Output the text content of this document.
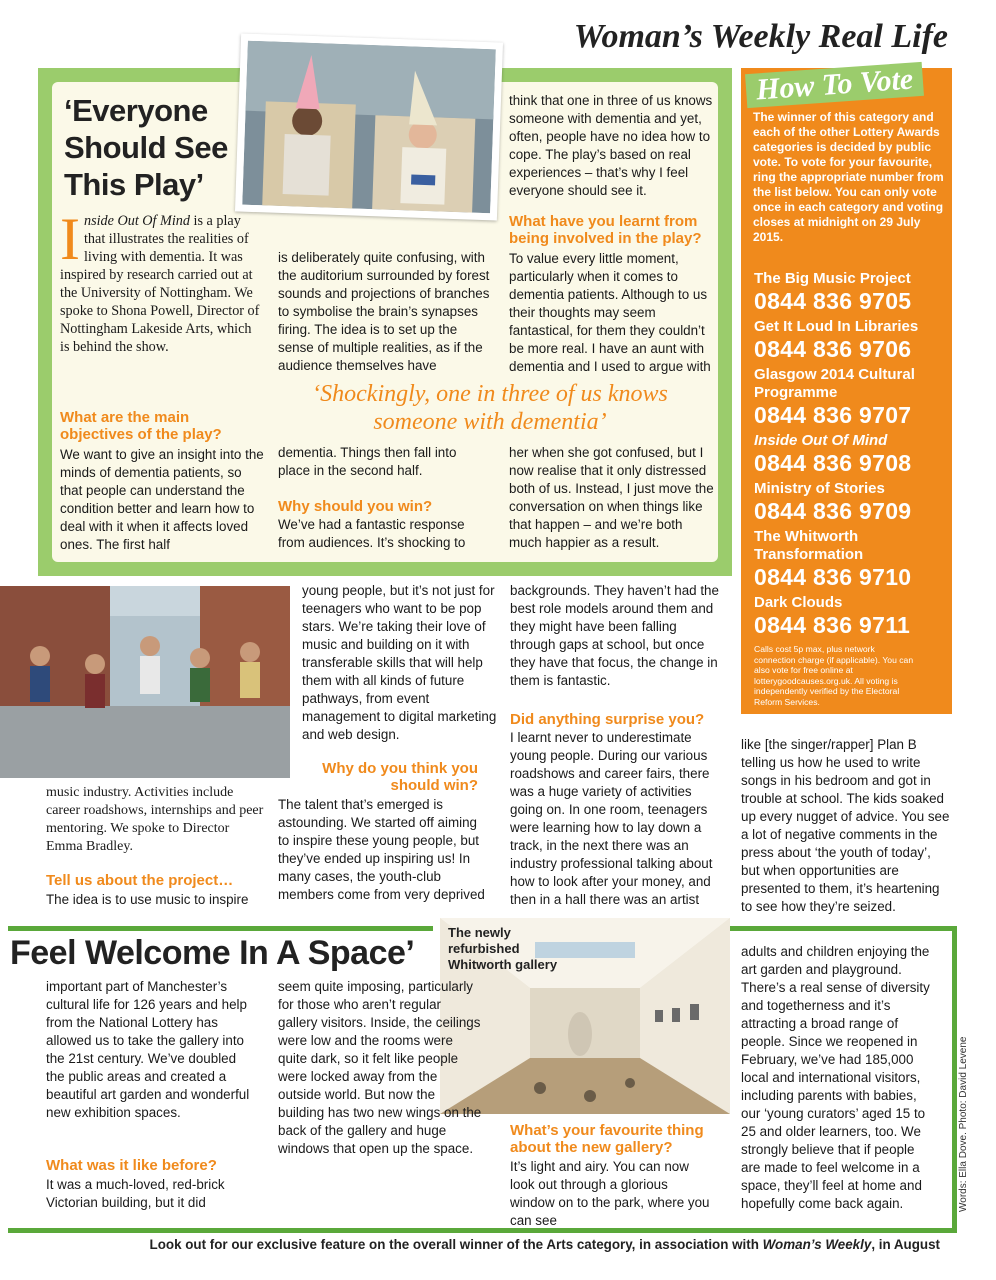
Woman’s Weekly Real Life
‘Everyone
Should See
This Play’
Inside Out Of Mind is a play that illustrates the realities of living with dementia. It was inspired by research carried out at the University of Nottingham. We spoke to Shona Powell, Director of Nottingham Lakeside Arts, which is behind the show.
What are the main objectives of the play?
We want to give an insight into the minds of dementia patients, so that people can understand the condition better and learn how to deal with it when it affects loved ones. The first half
is deliberately quite confusing, with the auditorium surrounded by forest sounds and projections of branches to symbolise the brain’s synapses firing. The idea is to set up the sense of multiple realities, as if the audience themselves have
‘Shockingly, one in three of us knows someone with dementia’
dementia. Things then fall into place in the second half.
Why should you win?
We’ve had a fantastic response from audiences. It’s shocking to
think that one in three of us knows someone with dementia and yet, often, people have no idea how to cope. The play’s based on real experiences – that’s why I feel everyone should see it.
What have you learnt from being involved in the play?
To value every little moment, particularly when it comes to dementia patients. Although to us their thoughts may seem fantastical, for them they couldn’t be more real. I have an aunt with dementia and I used to argue with
her when she got confused, but I now realise that it only distressed both of us. Instead, I just move the conversation on when things like that happen – and we’re both much happier as a result.
How To Vote
The winner of this category and each of the other Lottery Awards categories is decided by public vote. To vote for your favourite, ring the appropriate number from the list below. You can only vote once in each category and voting closes at midnight on 29 July 2015.
The Big Music Project
0844 836 9705
Get It Loud In Libraries
0844 836 9706
Glasgow 2014 Cultural Programme
0844 836 9707
Inside Out Of Mind
0844 836 9708
Ministry of Stories
0844 836 9709
The Whitworth Transformation
0844 836 9710
Dark Clouds
0844 836 9711
Calls cost 5p max, plus network connection charge (if applicable). You can also vote for free online at lotterygoodcauses.org.uk. All voting is independently verified by the Electoral Reform Services.
music industry. Activities include career roadshows, internships and peer mentoring. We spoke to Director Emma Bradley.
Tell us about the project…
The idea is to use music to inspire
young people, but it’s not just for teenagers who want to be pop stars. We’re taking their love of music and building on it with transferable skills that will help them with all kinds of future pathways, from event management to digital marketing and web design.
Why do you think you should win?
The talent that’s emerged is astounding. We started off aiming to inspire these young people, but they’ve ended up inspiring us! In many cases, the youth-club members come from very deprived
backgrounds. They haven’t had the best role models around them and they might have been falling through gaps at school, but once they have that focus, the change in them is fantastic.
Did anything surprise you?
I learnt never to underestimate young people. During our various roadshows and career fairs, there was a huge variety of activities going on. In one room, teenagers were learning how to lay down a track, in the next there was an industry professional talking about how to look after your money, and then in a hall there was an artist
like [the singer/rapper] Plan B telling us how he used to write songs in his bedroom and got in trouble at school. The kids soaked up every nugget of advice. You see a lot of negative comments in the press about ‘the youth of today’, but when opportunities are presented to them, it’s heartening to see how they’re seized.
Feel Welcome In A Space’
The newly refurbished Whitworth gallery
important part of Manchester’s cultural life for 126 years and help from the National Lottery has allowed us to take the gallery into the 21st century. We’ve doubled the public areas and created a beautiful art garden and wonderful new exhibition spaces.
What was it like before?
It was a much-loved, red-brick Victorian building, but it did
seem quite imposing, particularly for those who aren’t regular gallery visitors. Inside, the ceilings were low and the rooms were quite dark, so it felt like people were locked away from the outside world. But now the building has two new wings on the back of the gallery and huge windows that open up the space.
What’s your favourite thing about the new gallery?
It’s light and airy. You can now look out through a glorious window on to the park, where you can see
adults and children enjoying the art garden and playground. There’s a real sense of diversity and togetherness and it’s attracting a broad range of people. Since we reopened in February, we’ve had 185,000 local and international visitors, including parents with babies, our ‘young curators’ aged 15 to 25 and older learners, too. We strongly believe that if people are made to feel welcome in a space, they’ll feel at home and hopefully come back again.	Words: Ella Dove. Photo: David Levene
Look out for our exclusive feature on the overall winner of the Arts category, in association with Woman’s Weekly, in August
